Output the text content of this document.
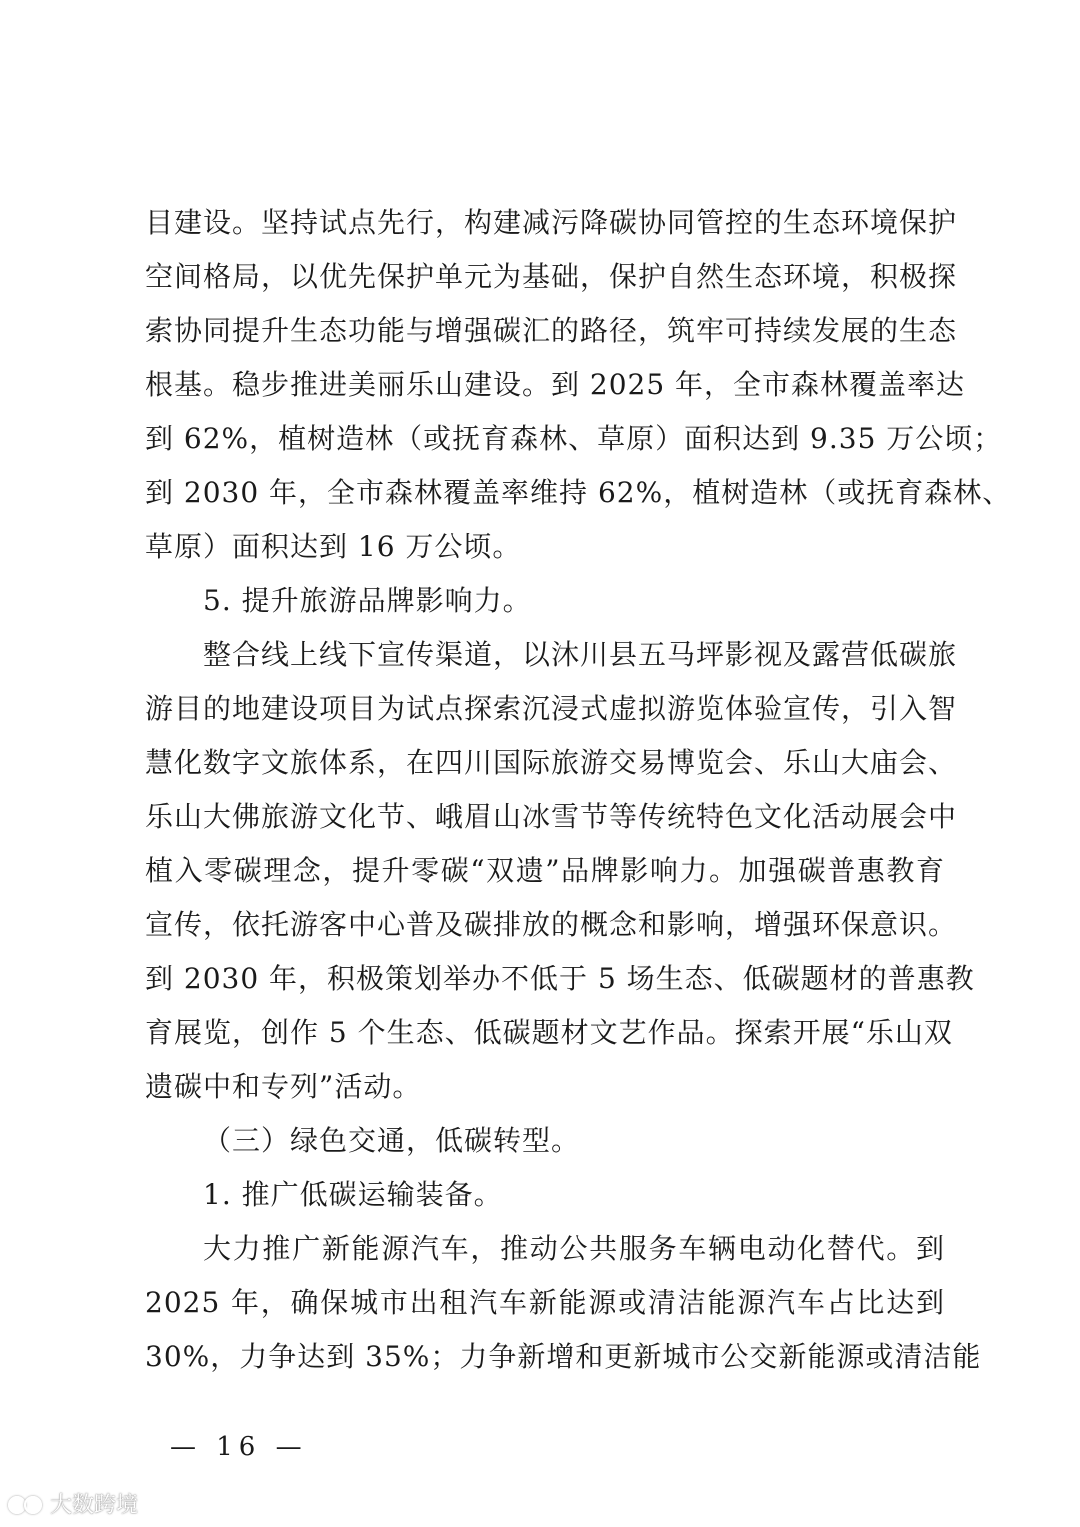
目建设。坚持试点先行，构建减污降碳协同管控的生态环境保护
空间格局，以优先保护单元为基础，保护自然生态环境，积极探
索协同提升生态功能与增强碳汇的路径，筑牢可持续发展的生态
根基。稳步推进美丽乐山建设。到 2025 年，全市森林覆盖率达
到 62%，植树造林（或抚育森林、草原）面积达到 9.35 万公顷；
到 2030 年，全市森林覆盖率维持 62%，植树造林（或抚育森林、
草原）面积达到 16 万公顷。
5. 提升旅游品牌影响力。
整合线上线下宣传渠道，以沐川县五马坪影视及露营低碳旅
游目的地建设项目为试点探索沉浸式虚拟游览体验宣传，引入智
慧化数字文旅体系，在四川国际旅游交易博览会、乐山大庙会、
乐山大佛旅游文化节、峨眉山冰雪节等传统特色文化活动展会中
植入零碳理念，提升零碳“双遗”品牌影响力。加强碳普惠教育
宣传，依托游客中心普及碳排放的概念和影响，增强环保意识。
到 2030 年，积极策划举办不低于 5 场生态、低碳题材的普惠教
育展览，创作 5 个生态、低碳题材文艺作品。探索开展“乐山双
遗碳中和专列”活动。
（三）绿色交通，低碳转型。
1. 推广低碳运输装备。
大力推广新能源汽车，推动公共服务车辆电动化替代。到
2025 年，确保城市出租汽车新能源或清洁能源汽车占比达到
30%，力争达到 35%；力争新增和更新城市公交新能源或清洁能
— 16 —
大数跨境
